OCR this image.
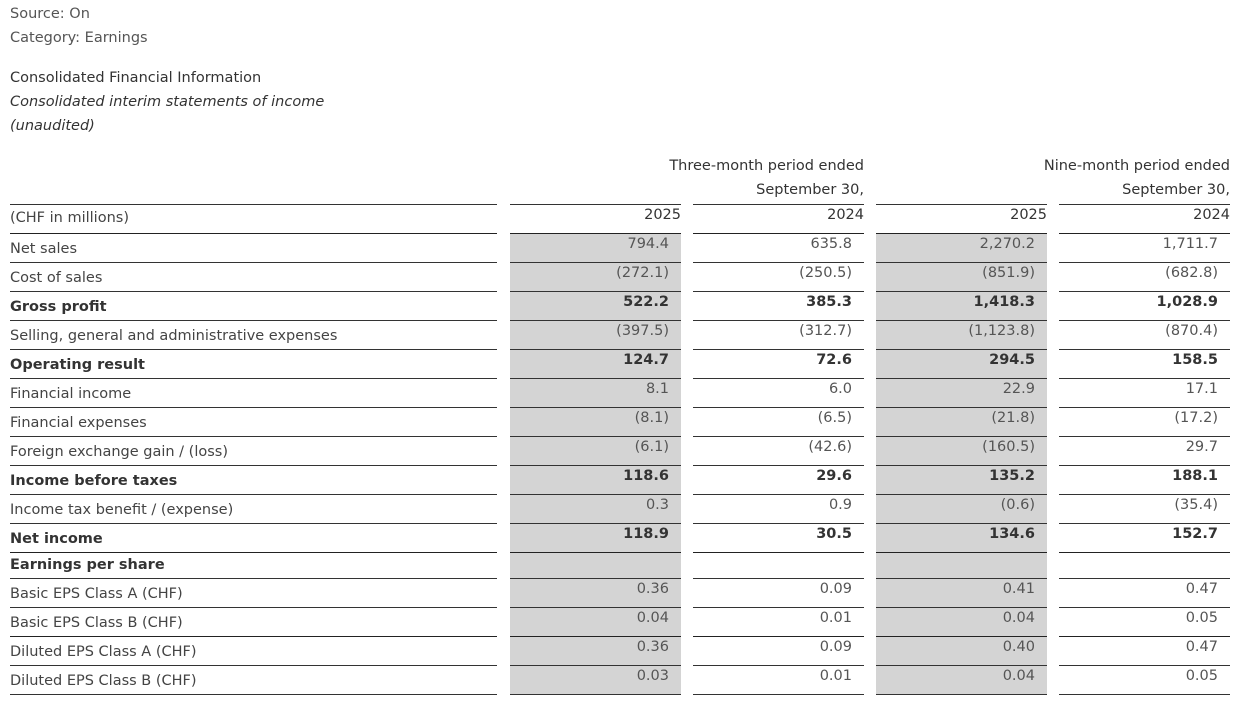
Source: On
Category: Earnings
Consolidated Financial Information
Consolidated interim statements of income
(unaudited)
Three-month period ended
September 30,
Nine-month period ended
September 30,
(CHF in millions)	2025	2024	2025	2024
Net sales	794.4	635.8	2,270.2	1,711.7
Cost of sales	(272.1)	(250.5)	(851.9)	(682.8)
Gross profit	522.2	385.3	1,418.3	1,028.9
Selling, general and administrative expenses	(397.5)	(312.7)	(1,123.8)	(870.4)
Operating result	124.7	72.6	294.5	158.5
Financial income	8.1	6.0	22.9	17.1
Financial expenses	(8.1)	(6.5)	(21.8)	(17.2)
Foreign exchange gain / (loss)	(6.1)	(42.6)	(160.5)	29.7
Income before taxes	118.6	29.6	135.2	188.1
Income tax benefit / (expense)	0.3	0.9	(0.6)	(35.4)
Net income	118.9	30.5	134.6	152.7
Earnings per share
Basic EPS Class A (CHF)	0.36	0.09	0.41	0.47
Basic EPS Class B (CHF)	0.04	0.01	0.04	0.05
Diluted EPS Class A (CHF)	0.36	0.09	0.40	0.47
Diluted EPS Class B (CHF)	0.03	0.01	0.04	0.05
